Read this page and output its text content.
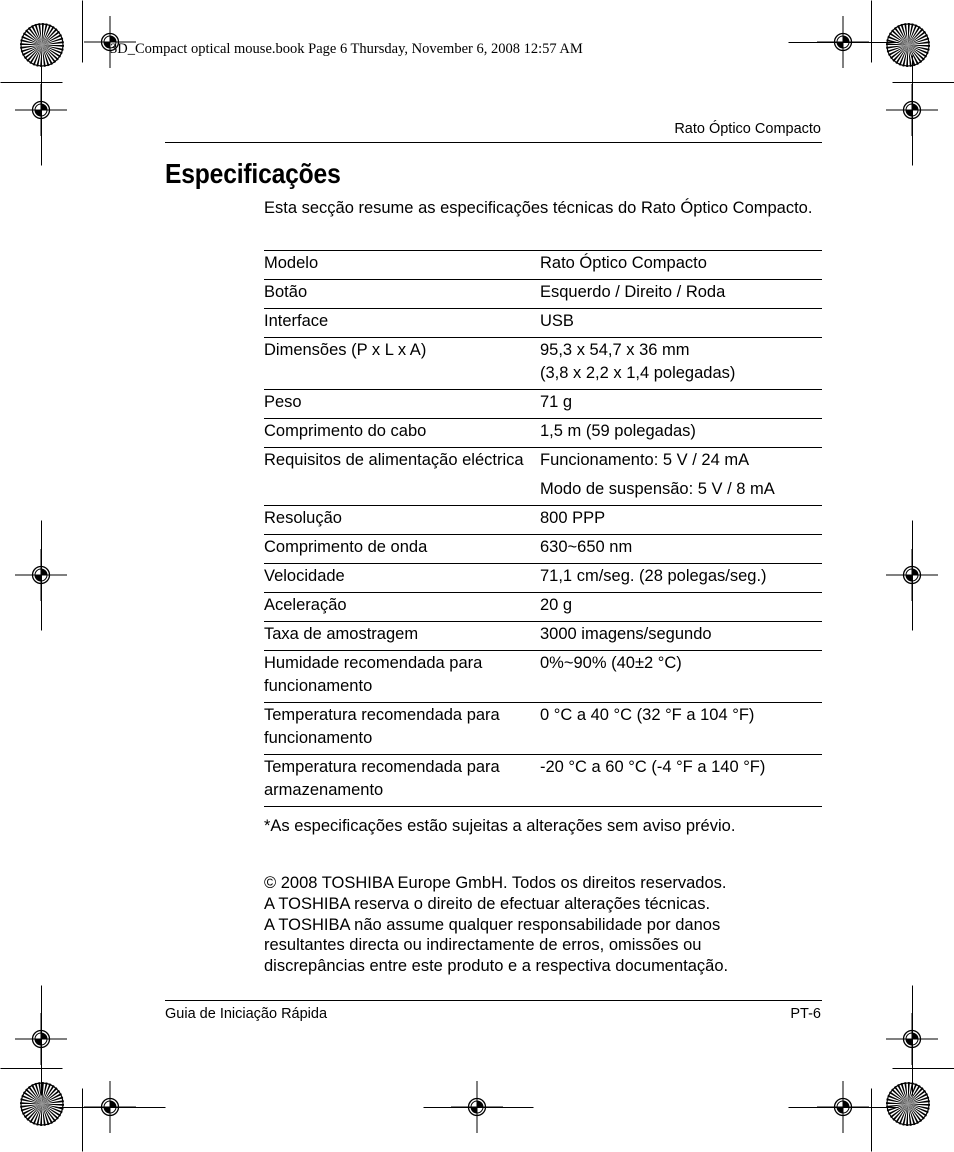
3D_Compact optical mouse.book Page 6 Thursday, November 6, 2008 12:57 AM
Rato Óptico Compacto
Especificações
Esta secção resume as especificações técnicas do Rato Óptico Compacto.
Modelo	Rato Óptico Compacto

Botão	Esquerdo / Direito / Roda

Interface	USB

Dimensões (P x L x A)	95,3 x 54,7 x 36 mm
(3,8 x 2,2 x 1,4 polegadas)

Peso	71 g

Comprimento do cabo	1,5 m (59 polegadas)

Requisitos de alimentação eléctrica	Funcionamento: 5 V / 24 mA
Modo de suspensão: 5 V / 8 mA

Resolução	800 PPP

Comprimento de onda	630~650 nm

Velocidade	71,1 cm/seg. (28 polegas/seg.)

Aceleração	20 g

Taxa de amostragem	3000 imagens/segundo

Humidade recomendada para funcionamento	0%~90% (40±2 °C)

Temperatura recomendada para funcionamento	0 °C a 40 °C (32 °F a 104 °F)

Temperatura recomendada para armazenamento	-20 °C a 60 °C (-4 °F a 140 °F)
*As especificações estão sujeitas a alterações sem aviso prévio.
© 2008 TOSHIBA Europe GmbH. Todos os direitos reservados.
A TOSHIBA reserva o direito de efectuar alterações técnicas.
A TOSHIBA não assume qualquer responsabilidade por danos
resultantes directa ou indirectamente de erros, omissões ou
discrepâncias entre este produto e a respectiva documentação.
Guia de Iniciação Rápida	PT-6
